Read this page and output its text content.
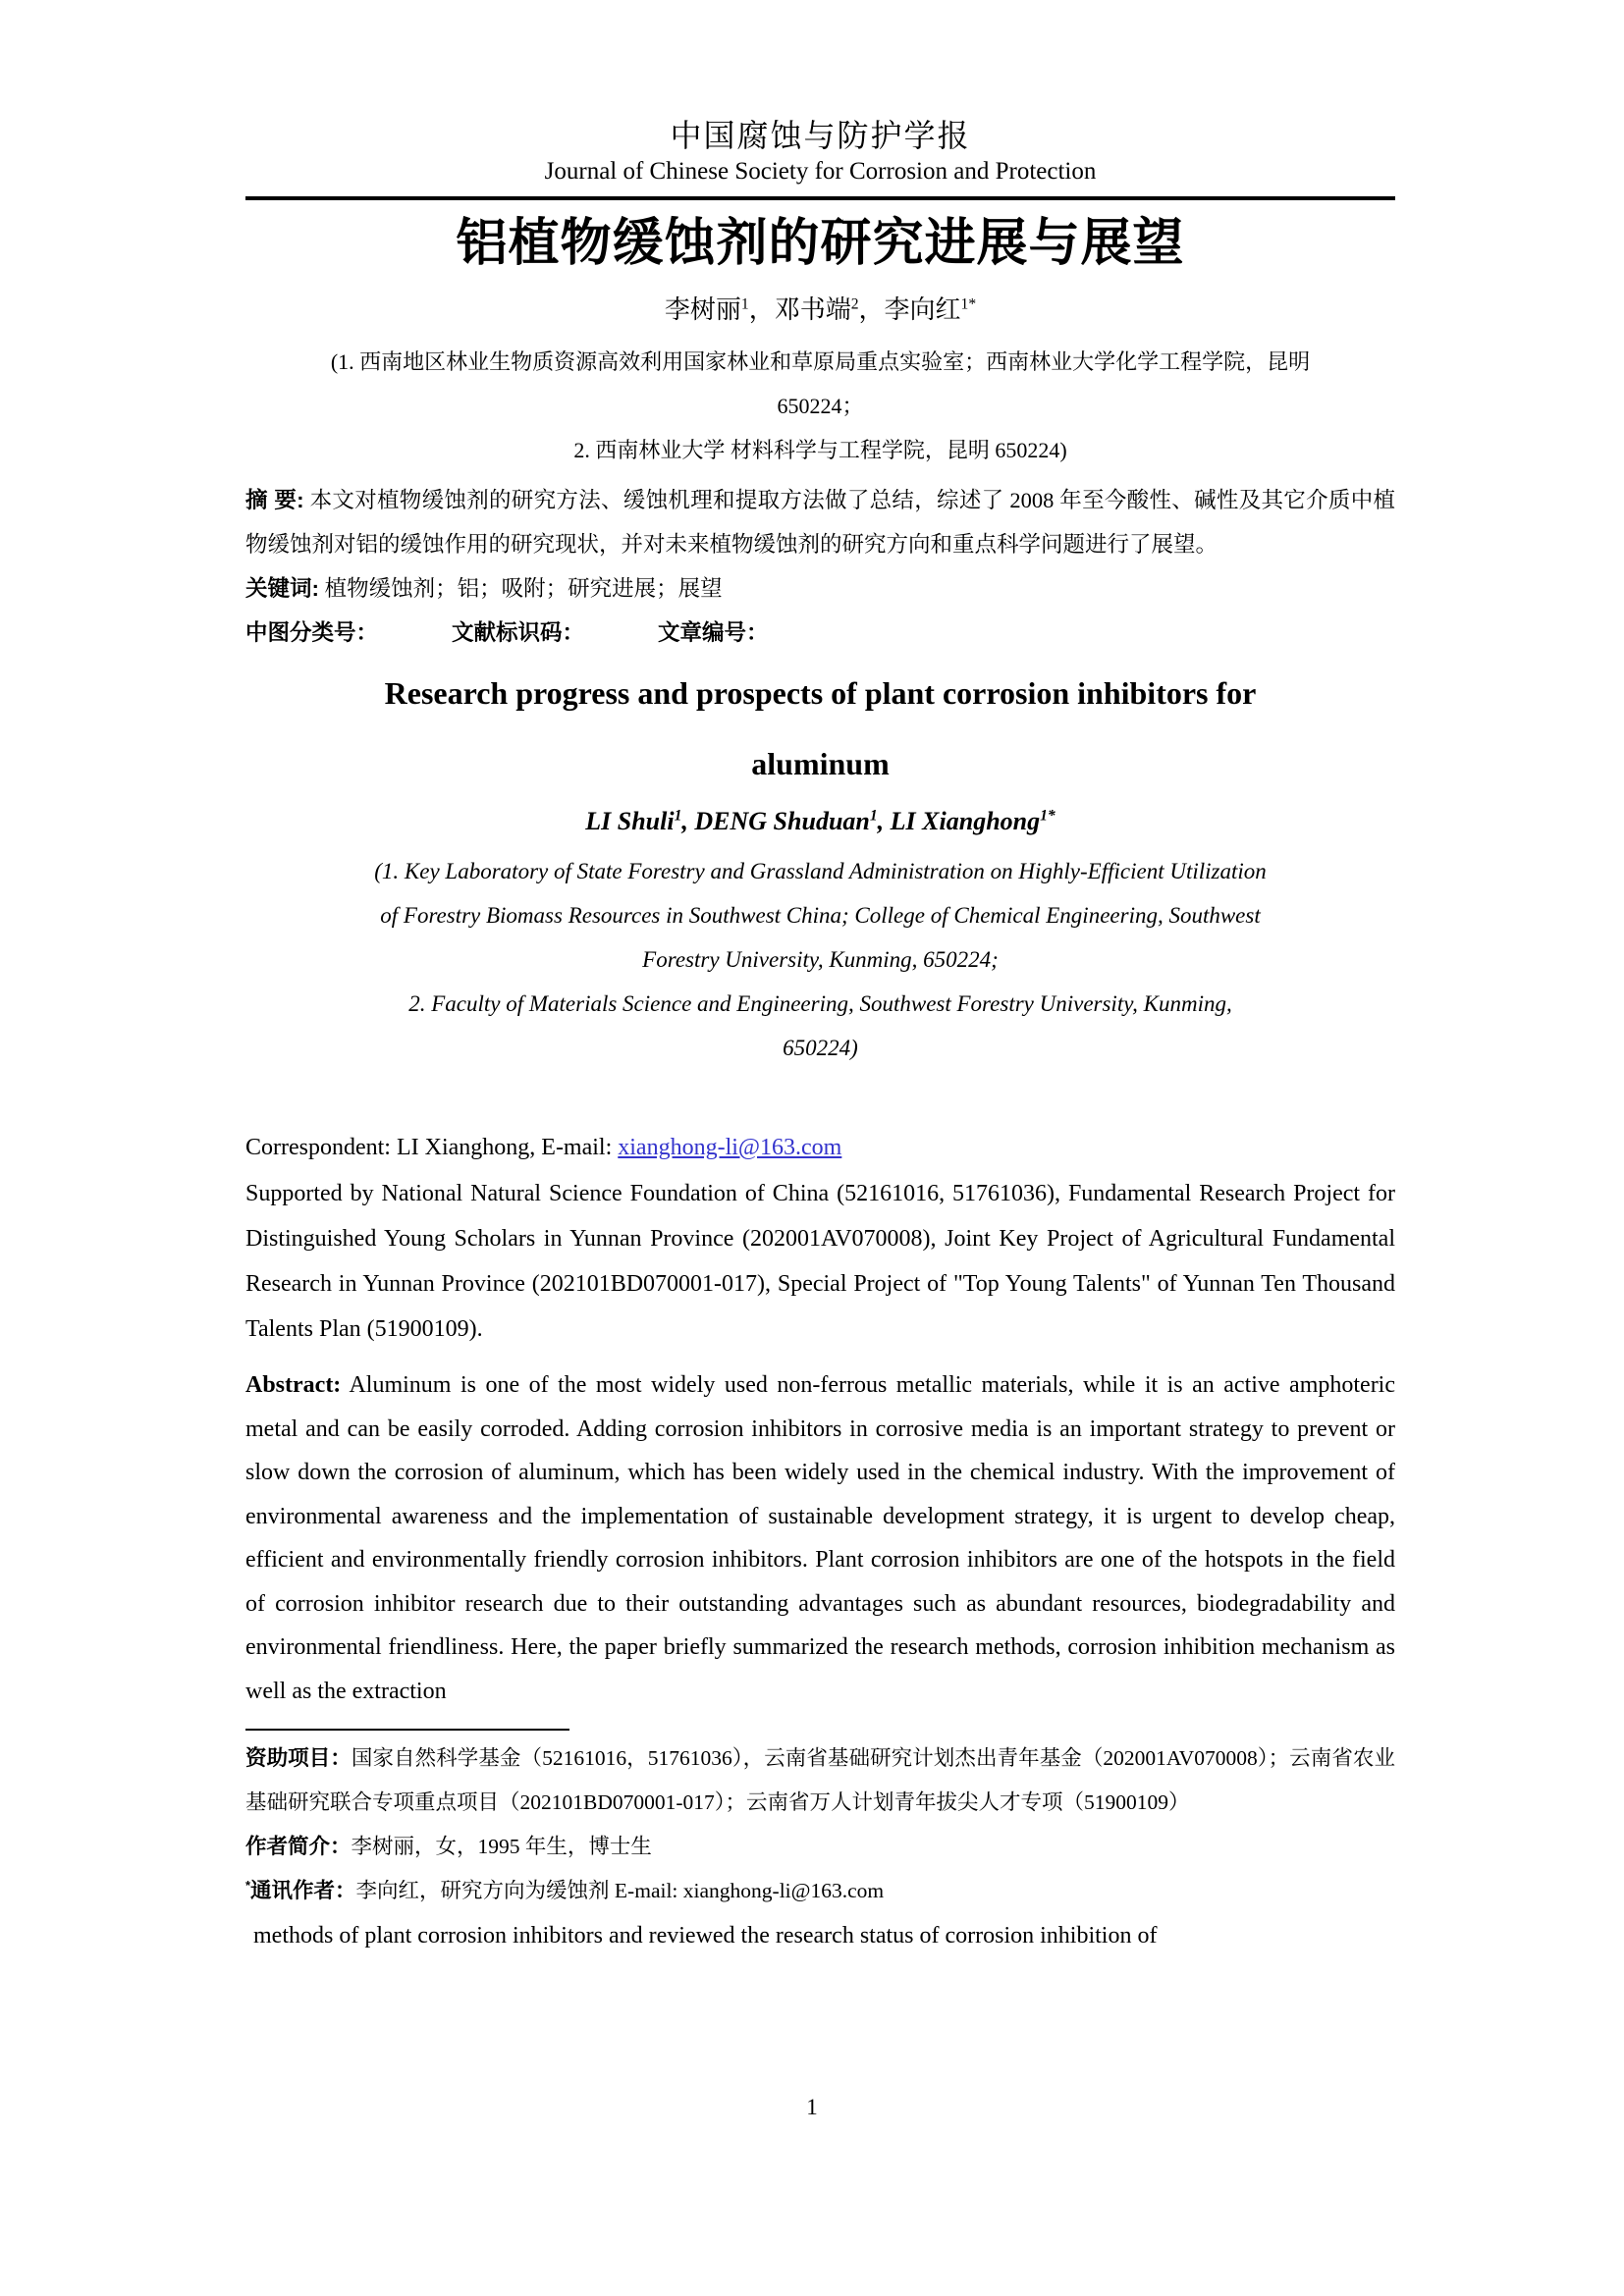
中国腐蚀与防护学报
Journal of Chinese Society for Corrosion and Protection
铝植物缓蚀剂的研究进展与展望
李树丽$^1$，邓书端$^2$，李向红$^{1*}$
(1. 西南地区林业生物质资源高效利用国家林业和草原局重点实验室；西南林业大学化学工程学院，昆明
650224；
2. 西南林业大学 材料科学与工程学院，昆明 650224)
摘 要: 本文对植物缓蚀剂的研究方法、缓蚀机理和提取方法做了总结，综述了 2008 年至今酸性、碱性及其它介质中植物缓蚀剂对铝的缓蚀作用的研究现状，并对未来植物缓蚀剂的研究方向和重点科学问题进行了展望。
关键词: 植物缓蚀剂；铝；吸附；研究进展；展望
中图分类号：	文献标识码：	文章编号：
Research progress and prospects of plant corrosion inhibitors for
aluminum
LI Shuli$^1$, DENG Shuduan$^1$, LI Xianghong$^{1*}$
(1. Key Laboratory of State Forestry and Grassland Administration on Highly-Efficient Utilization
of Forestry Biomass Resources in Southwest China; College of Chemical Engineering, Southwest
Forestry University, Kunming, 650224;
2. Faculty of Materials Science and Engineering, Southwest Forestry University, Kunming,
650224)
Correspondent: LI Xianghong, E-mail: xianghong-li@163.com

Supported by National Natural Science Foundation of China (52161016, 51761036), Fundamental Research Project for Distinguished Young Scholars in Yunnan Province (202001AV070008), Joint Key Project of Agricultural Fundamental Research in Yunnan Province (202101BD070001-017), Special Project of "Top Young Talents" of Yunnan Ten Thousand Talents Plan (51900109).

Abstract: Aluminum is one of the most widely used non-ferrous metallic materials, while it is an active amphoteric metal and can be easily corroded. Adding corrosion inhibitors in corrosive media is an important strategy to prevent or slow down the corrosion of aluminum, which has been widely used in the chemical industry. With the improvement of environmental awareness and the implementation of sustainable development strategy, it is urgent to develop cheap, efficient and environmentally friendly corrosion inhibitors. Plant corrosion inhibitors are one of the hotspots in the field of corrosion inhibitor research due to their outstanding advantages such as abundant resources, biodegradability and environmental friendliness. Here, the paper briefly summarized the research methods, corrosion inhibition mechanism as well as the extraction

资助项目：国家自然科学基金（52161016，51761036），云南省基础研究计划杰出青年基金（202001AV070008）；云南省农业基础研究联合专项重点项目（202101BD070001-017）；云南省万人计划青年拔尖人才专项（51900109）

作者简介：李树丽，女，1995 年生，博士生

*通讯作者：李向红，研究方向为缓蚀剂 E-mail: xianghong-li@163.com

methods of plant corrosion inhibitors and reviewed the research status of corrosion inhibition of

1
